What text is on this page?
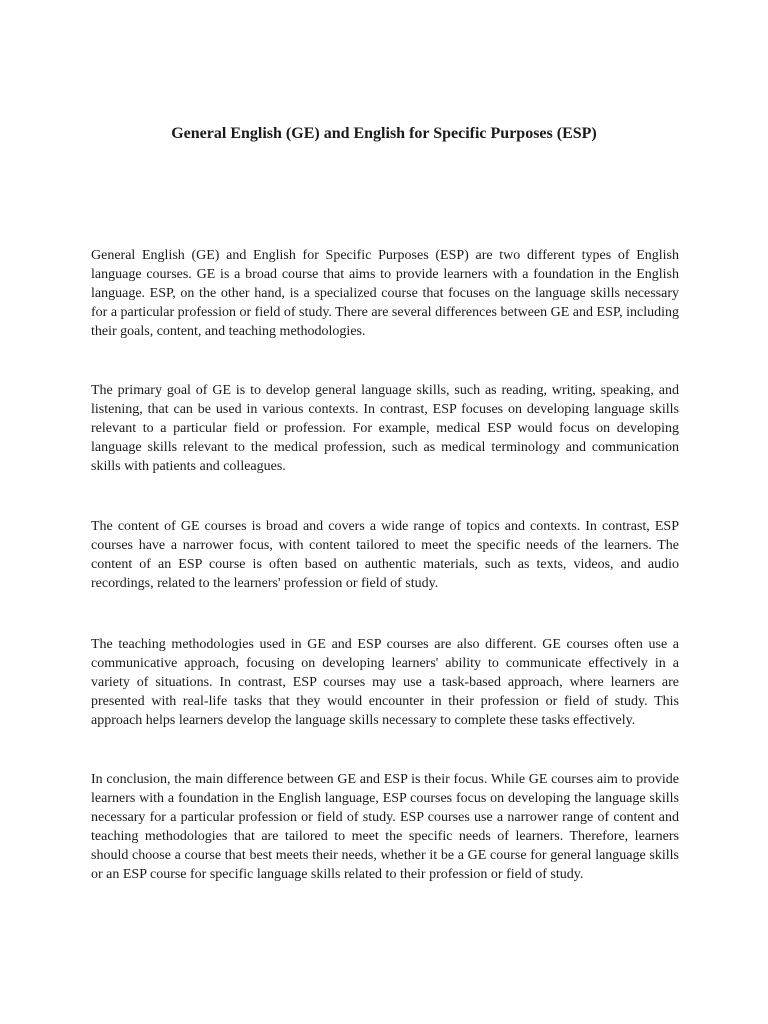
General English (GE) and English for Specific Purposes (ESP)

General English (GE) and English for Specific Purposes (ESP) are two different types of English language courses. GE is a broad course that aims to provide learners with a foundation in the English language. ESP, on the other hand, is a specialized course that focuses on the language skills necessary for a particular profession or field of study. There are several differences between GE and ESP, including their goals, content, and teaching methodologies.

The primary goal of GE is to develop general language skills, such as reading, writing, speaking, and listening, that can be used in various contexts. In contrast, ESP focuses on developing language skills relevant to a particular field or profession. For example, medical ESP would focus on developing language skills relevant to the medical profession, such as medical terminology and communication skills with patients and colleagues.

The content of GE courses is broad and covers a wide range of topics and contexts. In contrast, ESP courses have a narrower focus, with content tailored to meet the specific needs of the learners. The content of an ESP course is often based on authentic materials, such as texts, videos, and audio recordings, related to the learners' profession or field of study.

The teaching methodologies used in GE and ESP courses are also different. GE courses often use a communicative approach, focusing on developing learners' ability to communicate effectively in a variety of situations. In contrast, ESP courses may use a task-based approach, where learners are presented with real-life tasks that they would encounter in their profession or field of study. This approach helps learners develop the language skills necessary to complete these tasks effectively.

In conclusion, the main difference between GE and ESP is their focus. While GE courses aim to provide learners with a foundation in the English language, ESP courses focus on developing the language skills necessary for a particular profession or field of study. ESP courses use a narrower range of content and teaching methodologies that are tailored to meet the specific needs of learners. Therefore, learners should choose a course that best meets their needs, whether it be a GE course for general language skills or an ESP course for specific language skills related to their profession or field of study.
